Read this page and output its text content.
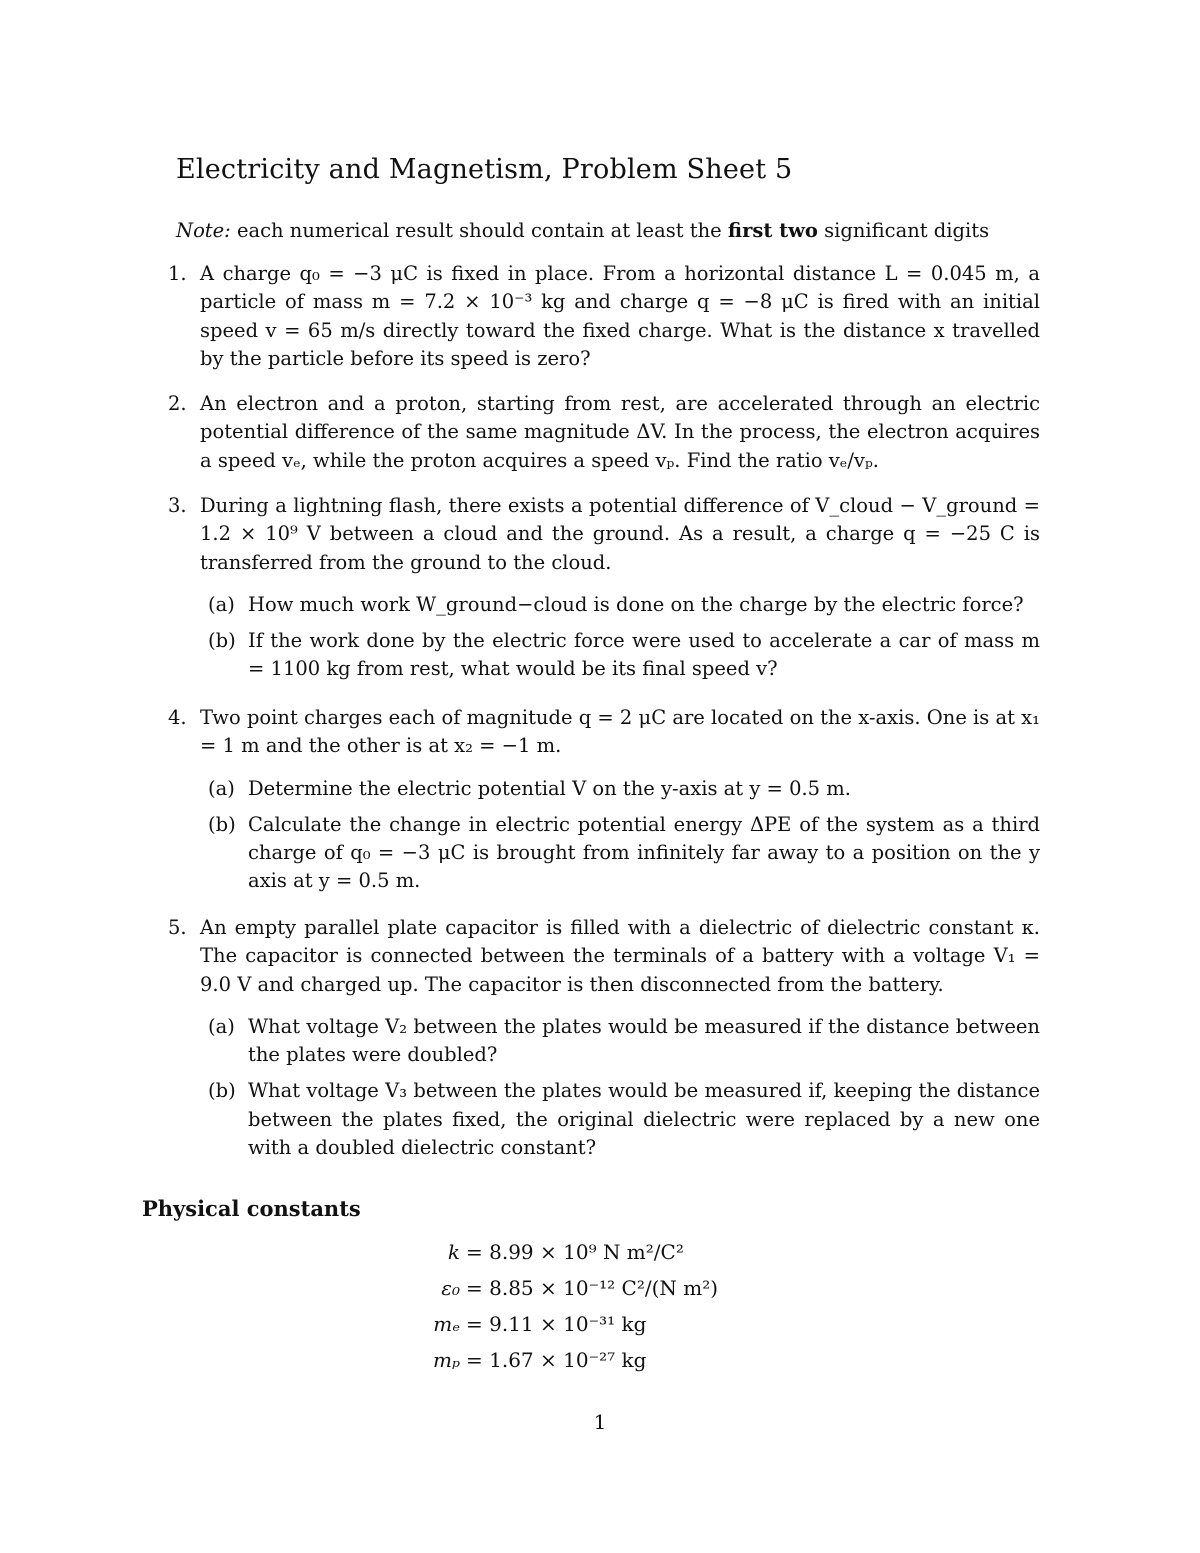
Electricity and Magnetism, Problem Sheet 5
Note: each numerical result should contain at least the first two significant digits
1. A charge q₀ = −3 μC is fixed in place. From a horizontal distance L = 0.045 m, a particle of mass m = 7.2 × 10⁻³ kg and charge q = −8 μC is fired with an initial speed v = 65 m/s directly toward the fixed charge. What is the distance x travelled by the particle before its speed is zero?
2. An electron and a proton, starting from rest, are accelerated through an electric potential difference of the same magnitude ΔV. In the process, the electron acquires a speed vₑ, while the proton acquires a speed vₚ. Find the ratio vₑ/vₚ.
3. During a lightning flash, there exists a potential difference of V_cloud − V_ground = 1.2 × 10⁹ V between a cloud and the ground. As a result, a charge q = −25 C is transferred from the ground to the cloud.
(a) How much work W_ground−cloud is done on the charge by the electric force?
(b) If the work done by the electric force were used to accelerate a car of mass m = 1100 kg from rest, what would be its final speed v?
4. Two point charges each of magnitude q = 2 μC are located on the x-axis. One is at x₁ = 1 m and the other is at x₂ = −1 m.
(a) Determine the electric potential V on the y-axis at y = 0.5 m.
(b) Calculate the change in electric potential energy ΔPE of the system as a third charge of q₀ = −3 μC is brought from infinitely far away to a position on the y axis at y = 0.5 m.
5. An empty parallel plate capacitor is filled with a dielectric of dielectric constant κ. The capacitor is connected between the terminals of a battery with a voltage V₁ = 9.0 V and charged up. The capacitor is then disconnected from the battery.
(a) What voltage V₂ between the plates would be measured if the distance between the plates were doubled?
(b) What voltage V₃ between the plates would be measured if, keeping the distance between the plates fixed, the original dielectric were replaced by a new one with a doubled dielectric constant?
Physical constants
k = 8.99 × 10⁹ N m²/C²
ε₀ = 8.85 × 10⁻¹² C²/(N m²)
mₑ = 9.11 × 10⁻³¹ kg
mₚ = 1.67 × 10⁻²⁷ kg
1
